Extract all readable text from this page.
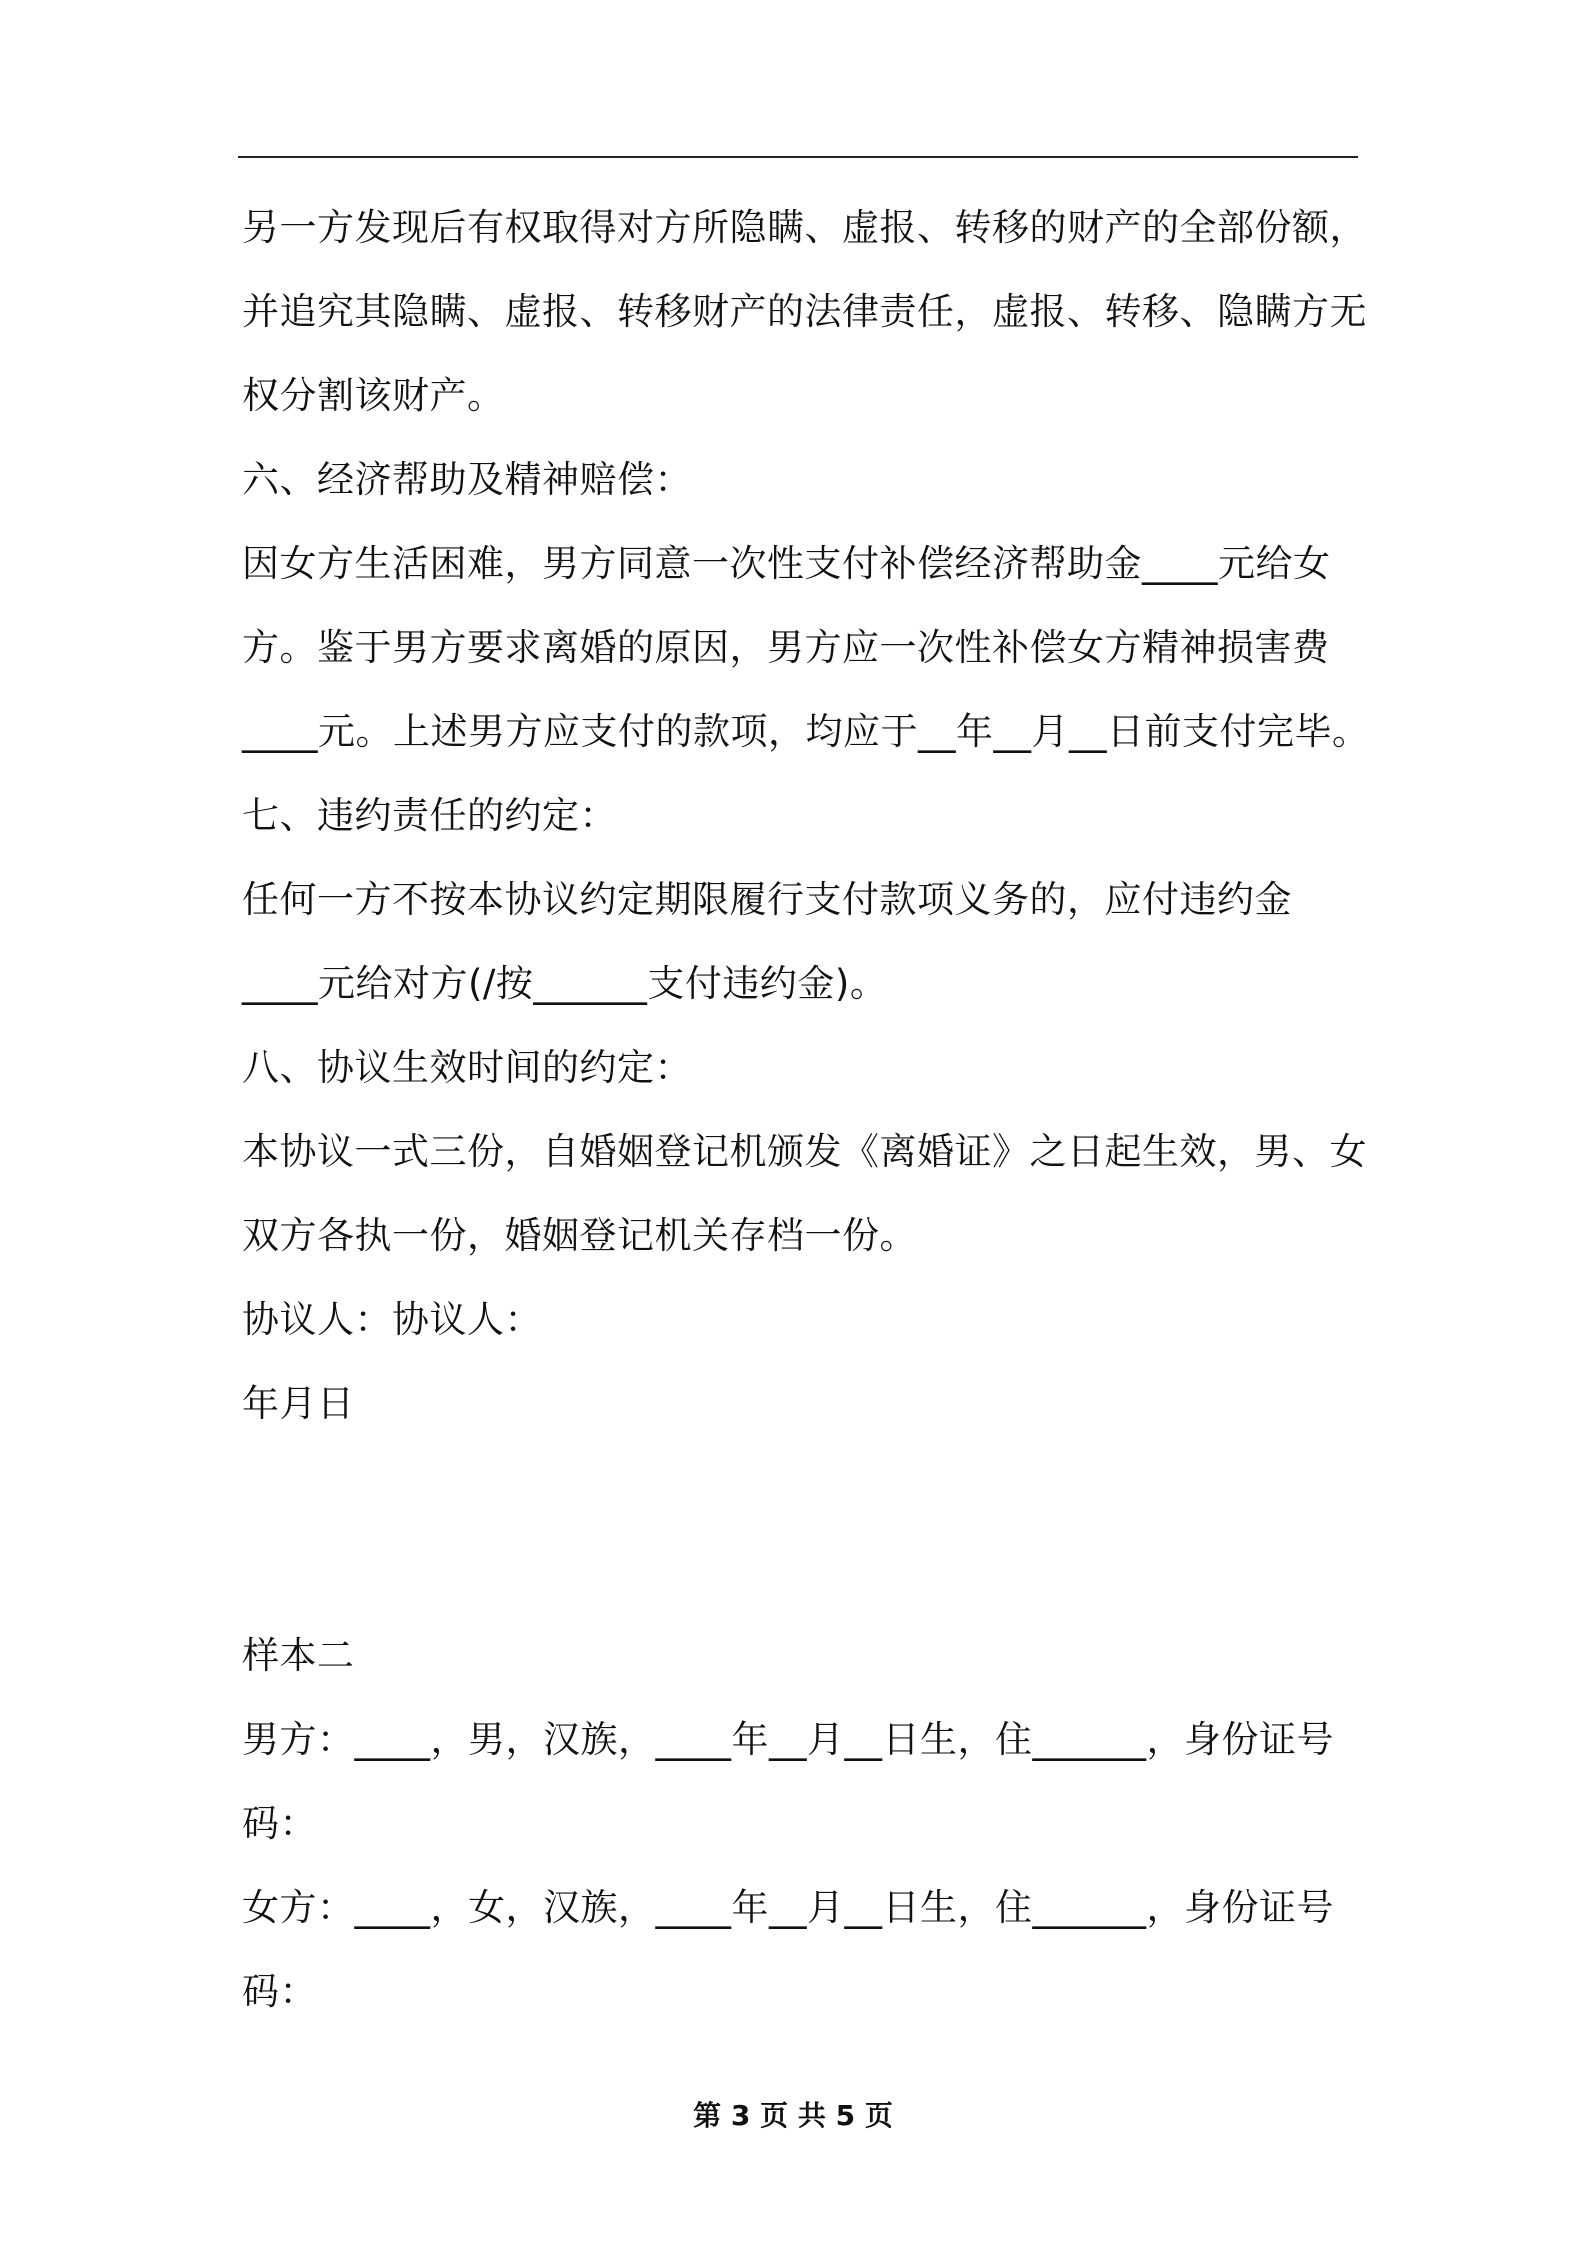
另一方发现后有权取得对方所隐瞒、虚报、转移的财产的全部份额，
并追究其隐瞒、虚报、转移财产的法律责任，虚报、转移、隐瞒方无
权分割该财产。
六、经济帮助及精神赔偿：
因女方生活困难，男方同意一次性支付补偿经济帮助金____元给女
方。鉴于男方要求离婚的原因，男方应一次性补偿女方精神损害费
____元。上述男方应支付的款项，均应于__年__月__日前支付完毕。
七、违约责任的约定：
任何一方不按本协议约定期限履行支付款项义务的，应付违约金
____元给对方(/按______支付违约金)。
八、协议生效时间的约定：
本协议一式三份，自婚姻登记机颁发《离婚证》之日起生效，男、女
双方各执一份，婚姻登记机关存档一份。
协议人：协议人：
年月日
样本二
男方：____，男，汉族，____年__月__日生，住______，身份证号
码：
女方：____，女，汉族，____年__月__日生，住______，身份证号
码：
第 3 页 共 5 页
